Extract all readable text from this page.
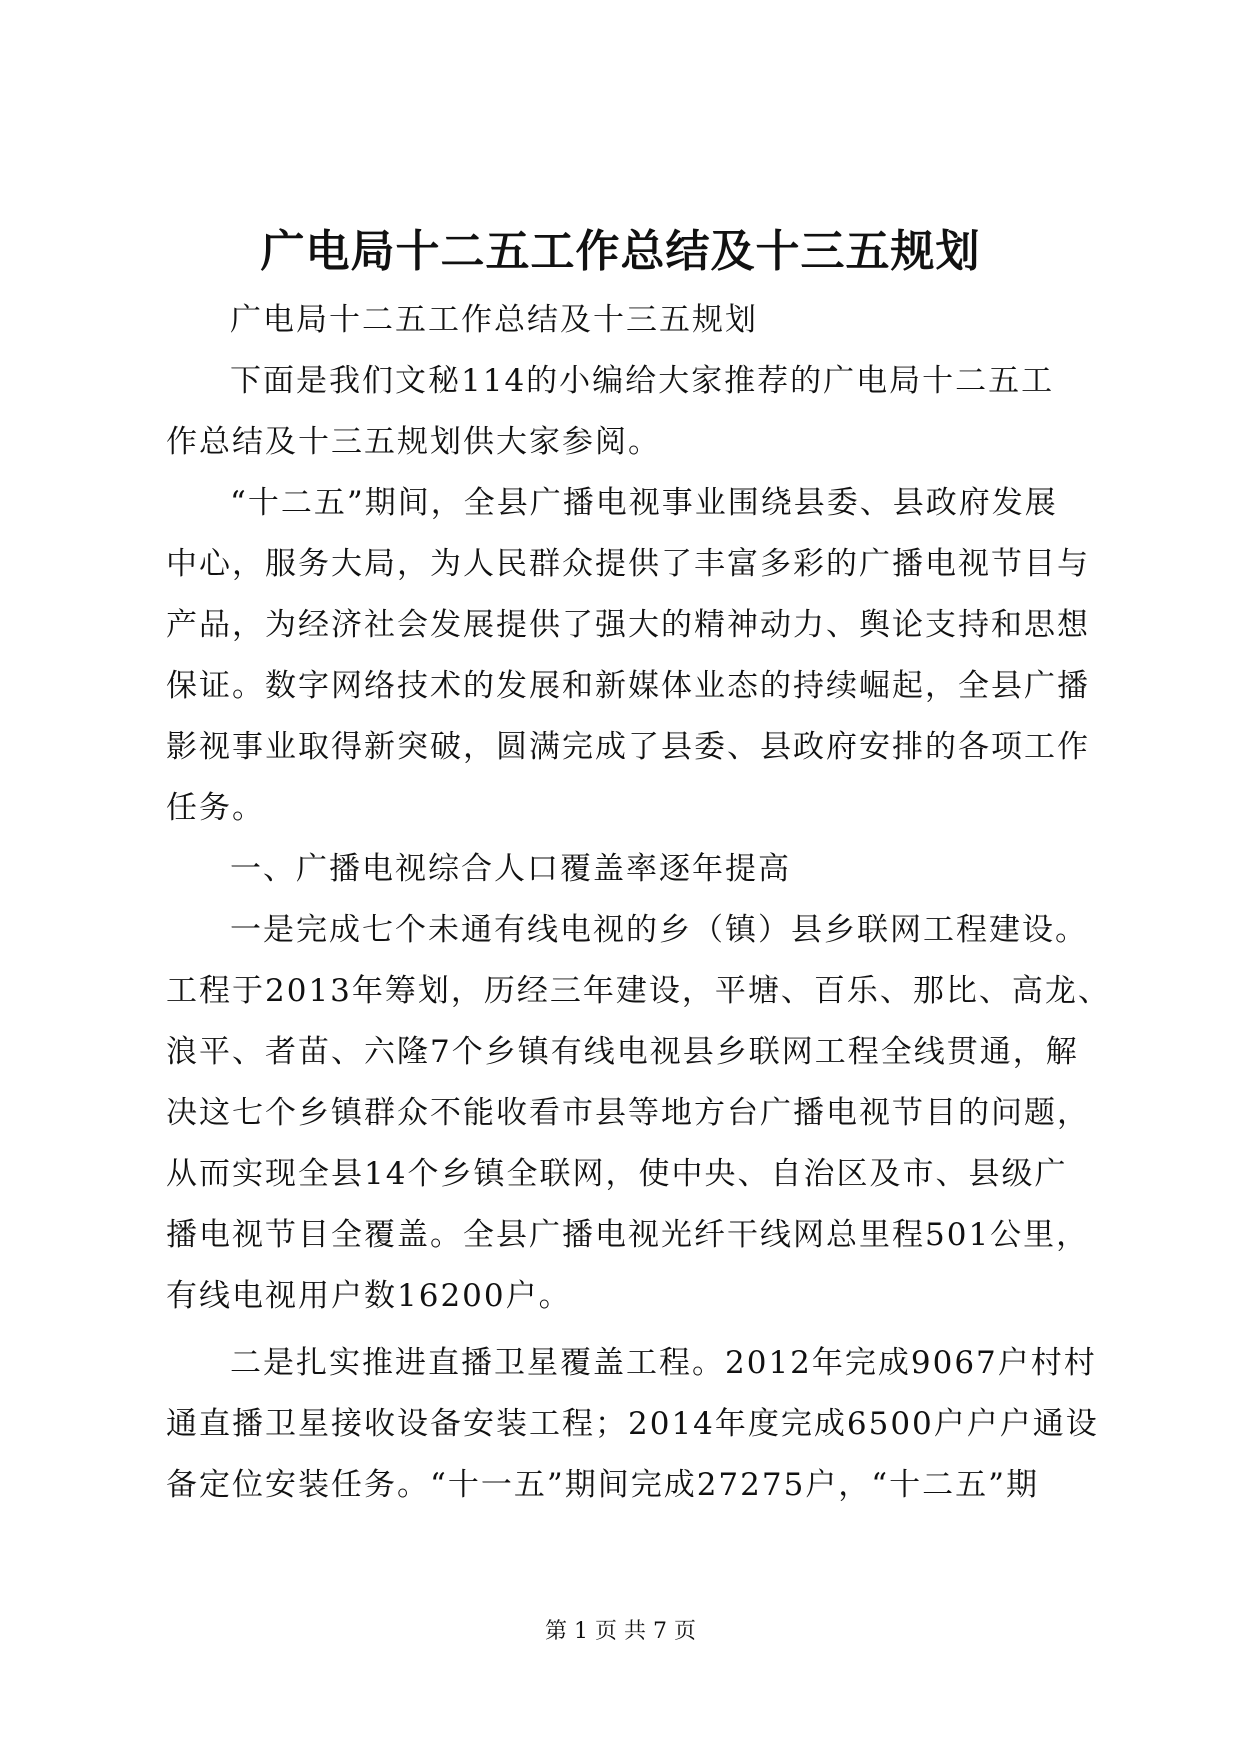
广电局十二五工作总结及十三五规划
广电局十二五工作总结及十三五规划
下面是我们文秘114的小编给大家推荐的广电局十二五工
作总结及十三五规划供大家参阅。
“十二五”期间，全县广播电视事业围绕县委、县政府发展
中心，服务大局，为人民群众提供了丰富多彩的广播电视节目与
产品，为经济社会发展提供了强大的精神动力、舆论支持和思想
保证。数字网络技术的发展和新媒体业态的持续崛起，全县广播
影视事业取得新突破，圆满完成了县委、县政府安排的各项工作
任务。
一、广播电视综合人口覆盖率逐年提高
一是完成七个未通有线电视的乡（镇）县乡联网工程建设。
工程于2013年筹划，历经三年建设，平塘、百乐、那比、高龙、
浪平、者苗、六隆7个乡镇有线电视县乡联网工程全线贯通，解
决这七个乡镇群众不能收看市县等地方台广播电视节目的问题，
从而实现全县14个乡镇全联网，使中央、自治区及市、县级广
播电视节目全覆盖。全县广播电视光纤干线网总里程501公里，
有线电视用户数16200户。
二是扎实推进直播卫星覆盖工程。2012年完成9067户村村
通直播卫星接收设备安装工程；2014年度完成6500户户户通设
备定位安装任务。“十一五”期间完成27275户，“十二五”期
第 1 页 共 7 页
